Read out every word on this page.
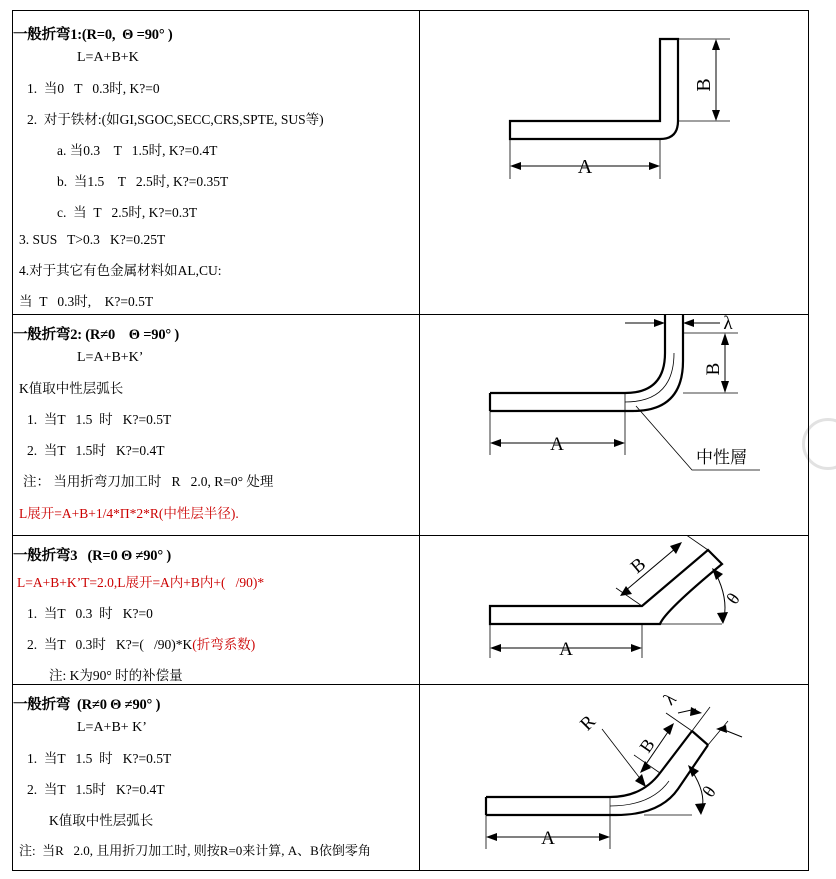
一般折弯1:(R=0,  Θ =90° )
L=A+B+K
1.  当0   T   0.3时, K?=0
2.  对于铁材:(如GI,SGOC,SECC,CRS,SPTE, SUS等)
a. 当0.3    T   1.5时, K?=0.4T
b.  当1.5    T   2.5时, K?=0.35T
c.  当  T   2.5时, K?=0.3T
3. SUS   T>0.3   K?=0.25T
4.对于其它有色金属材料如AL,CU:
当  T   0.3时,    K?=0.5T

B
A

一般折弯2: (R≠0    Θ =90° )
L=A+B+K’
K值取中性层弧长
1.  当T   1.5  时   K?=0.5T
2.  当T   1.5时   K?=0.4T
注： 当用折弯刀加工时   R   2.0, R=0° 处理
L展开=A+B+1/4*Π*2*R(中性层半径).

λ
B
A
中性層

一般折弯3   (R=0 Θ ≠90° )
L=A+B+K’T=2.0,L展开=A内+B内+(   /90)*
1.  当T   0.3  时   K?=0
2.  当T   0.3时   K?=(   /90)*K(折弯系数)
注: K为90° 时的补偿量

B
θ
A

一般折弯  (R≠0 Θ ≠90° )
L=A+B+ K’
1.  当T   1.5  时   K?=0.5T
2.  当T   1.5时   K?=0.4T
K值取中性层弧长
注:  当R   2.0, 且用折刀加工时, 则按R=0来计算, A、B依倒零角

R
B
λ
θ
A
